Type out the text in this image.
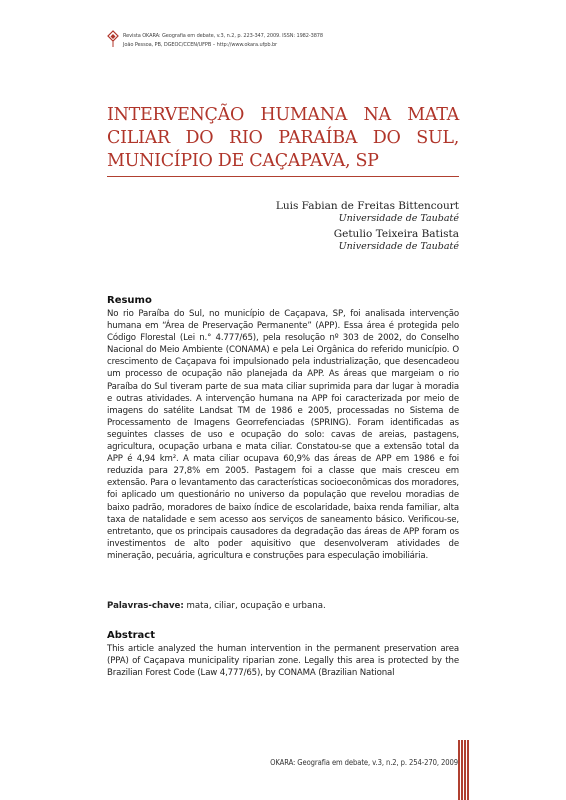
Revista OKARA: Geografia em debate, v.3, n.2, p. 223-347, 2009. ISSN: 1982-3878
João Pessoa, PB, DGEOC/CCEN/UFPB – http://www.okara.ufpb.br
INTERVENÇÃO HUMANA NA MATA CILIAR DO RIO PARAÍBA DO SUL, MUNICÍPIO DE CAÇAPAVA, SP
Luis Fabian de Freitas Bittencourt
Universidade de Taubaté
Getulio Teixeira Batista
Universidade de Taubaté
Resumo
No rio Paraíba do Sul, no município de Caçapava, SP, foi analisada intervenção humana em “Área de Preservação Permanente” (APP). Essa área é protegida pelo Código Florestal (Lei n.° 4.777/65), pela resolução nº 303 de 2002, do Conselho Nacional do Meio Ambiente (CONAMA) e pela Lei Orgânica do referido município. O crescimento de Caçapava foi impulsionado pela industrialização, que desencadeou um processo de ocupação não planejada da APP. As áreas que margeiam o rio Paraíba do Sul tiveram parte de sua mata ciliar suprimida para dar lugar à moradia e outras atividades. A intervenção humana na APP foi caracterizada por meio de imagens do satélite Landsat TM de 1986 e 2005, processadas no Sistema de Processamento de Imagens Georrefenciadas (SPRING). Foram identificadas as seguintes classes de uso e ocupação do solo: cavas de areias, pastagens, agricultura, ocupação urbana e mata ciliar. Constatou-se que a extensão total da APP é 4,94 km². A mata ciliar ocupava 60,9% das áreas de APP em 1986 e foi reduzida para 27,8% em 2005. Pastagem foi a classe que mais cresceu em extensão. Para o levantamento das características socioeconômicas dos moradores, foi aplicado um questionário no universo da população que revelou moradias de baixo padrão, moradores de baixo índice de escolaridade, baixa renda familiar, alta taxa de natalidade e sem acesso aos serviços de saneamento básico. Verificou-se, entretanto, que os principais causadores da degradação das áreas de APP foram os investimentos de alto poder aquisitivo que desenvolveram atividades de mineração, pecuária, agricultura e construções para especulação imobiliária.
Palavras-chave: mata, ciliar, ocupação e urbana.
Abstract
This article analyzed the human intervention in the permanent preservation area (PPA) of Caçapava municipality riparian zone. Legally this area is protected by the Brazilian Forest Code (Law 4,777/65), by CONAMA (Brazilian National
OKARA: Geografia em debate, v.3, n.2, p. 254-270, 2009
